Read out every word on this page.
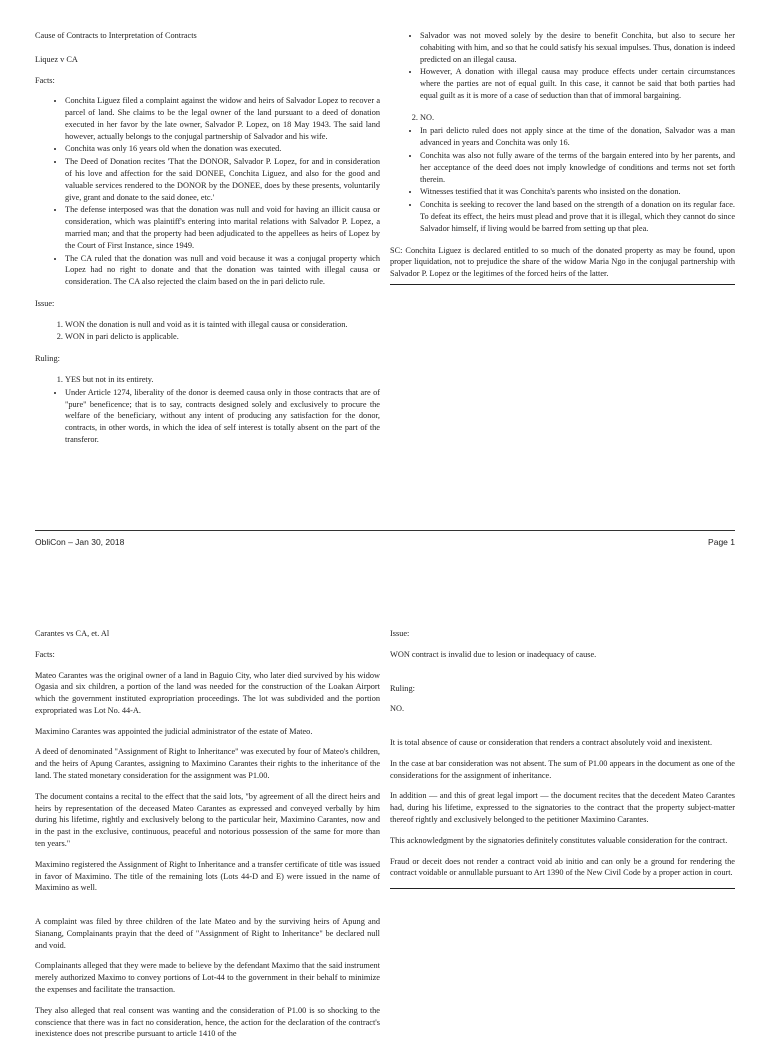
Cause of Contracts to Interpretation of Contracts

Liquez v CA

Facts:

• Conchita Liguez filed a complaint against the widow and heirs of Salvador Lopez to recover a parcel of land. She claims to be the legal owner of the land pursuant to a deed of donation executed in her favor by the late owner, Salvador P. Lopez, on 18 May 1943. The said land however, actually belongs to the conjugal partnership of Salvador and his wife.
• Conchita was only 16 years old when the donation was executed.
• The Deed of Donation recites 'That the DONOR, Salvador P. Lopez, for and in consideration of his love and affection for the said DONEE, Conchita Liguez, and also for the good and valuable services rendered to the DONOR by the DONEE, does by these presents, voluntarily give, grant and donate to the said donee, etc.'
• The defense interposed was that the donation was null and void for having an illicit causa or consideration, which was plaintiff's entering into marital relations with Salvador P. Lopez, a married man; and that the property had been adjudicated to the appellees as heirs of Lopez by the Court of First Instance, since 1949.
• The CA ruled that the donation was null and void because it was a conjugal property which Lopez had no right to donate and that the donation was tainted with illegal causa or consideration. The CA also rejected the claim based on the in pari delicto rule.

Issue:

1. WON the donation is null and void as it is tainted with illegal causa or consideration.
2. WON in pari delicto is applicable.

Ruling:

1. YES but not in its entirety.
• Under Article 1274, liberality of the donor is deemed causa only in those contracts that are of "pure" beneficence; that is to say, contracts designed solely and exclusively to procure the welfare of the beneficiary, without any intent of producing any satisfaction for the donor, contracts, in other words, in which the idea of self interest is totally absent on the part of the transferor.
• Salvador was not moved solely by the desire to benefit Conchita, but also to secure her cohabiting with him, and so that he could satisfy his sexual impulses. Thus, donation is indeed predicted on an illegal causa.
• However, A donation with illegal causa may produce effects under certain circumstances where the parties are not of equal guilt. In this case, it cannot be said that both parties had equal guilt as it is more of a case of seduction than that of immoral bargaining.
2. NO.
• In pari delicto ruled does not apply since at the time of the donation, Salvador was a man advanced in years and Conchita was only 16.
• Conchita was also not fully aware of the terms of the bargain entered into by her parents, and her acceptance of the deed does not imply knowledge of conditions and terms not set forth therein.
• Witnesses testified that it was Conchita's parents who insisted on the donation.
• Conchita is seeking to recover the land based on the strength of a donation on its regular face. To defeat its effect, the heirs must plead and prove that it is illegal, which they cannot do since Salvador himself, if living would be barred from setting up that plea.

SC: Conchita Liguez is declared entitled to so much of the donated property as may be found, upon proper liquidation, not to prejudice the share of the widow Maria Ngo in the conjugal partnership with Salvador P. Lopez or the legitimes of the forced heirs of the latter.

ObliCon – Jan 30, 2018	Page 1

Carantes vs CA, et. Al

Facts:

Mateo Carantes was the original owner of a land in Baguio City, who later died survived by his widow Ogasia and six children, a portion of the land was needed for the construction of the Loakan Airport which the government instituted expropriation proceedings. The lot was subdivided and the portion expropriated was Lot No. 44-A.

Maximino Carantes was appointed the judicial administrator of the estate of Mateo.

A deed of denominated "Assignment of Right to Inheritance" was executed by four of Mateo's children, and the heirs of Apung Carantes, assigning to Maximino Carantes their rights to the inheritance of the land. The stated monetary consideration for the assignment was P1.00.

The document contains a recital to the effect that the said lots, "by agreement of all the direct heirs and heirs by representation of the deceased Mateo Carantes as expressed and conveyed verbally by him during his lifetime, rightly and exclusively belong to the particular heir, Maximino Carantes, now and in the past in the exclusive, continuous, peaceful and notorious possession of the same for more than ten years."

Maximino registered the Assignment of Right to Inheritance and a transfer certificate of title was issued in favor of Maximino. The title of the remaining lots (Lots 44-D and E) were issued in the name of Maximino as well.

A complaint was filed by three children of the late Mateo and by the surviving heirs of Apung and Sianang, Complainants prayin that the deed of "Assignment of Right to Inheritance" be declared null and void.

Complainants alleged that they were made to believe by the defendant Maximo that the said instrument merely authorized Maximo to convey portions of Lot-44 to the government in their behalf to minimize the expenses and facilitate the transaction.

They also alleged that real consent was wanting and the consideration of P1.00 is so shocking to the conscience that there was in fact no consideration, hence, the action for the declaration of the contract's inexistence does not prescribe pursuant to article 1410 of the

Issue:

WON contract is invalid due to lesion or inadequacy of cause.

Ruling:

NO.

It is total absence of cause or consideration that renders a contract absolutely void and inexistent.

In the case at bar consideration was not absent. The sum of P1.00 appears in the document as one of the considerations for the assignment of inheritance.

In addition — and this of great legal import — the document recites that the decedent Mateo Carantes had, during his lifetime, expressed to the signatories to the contract that the property subject-matter thereof rightly and exclusively belonged to the petitioner Maximino Carantes.

This acknowledgment by the signatories definitely constitutes valuable consideration for the contract.

Fraud or deceit does not render a contract void ab initio and can only be a ground for rendering the contract voidable or annullable pursuant to Art 1390 of the New Civil Code by a proper action in court.
